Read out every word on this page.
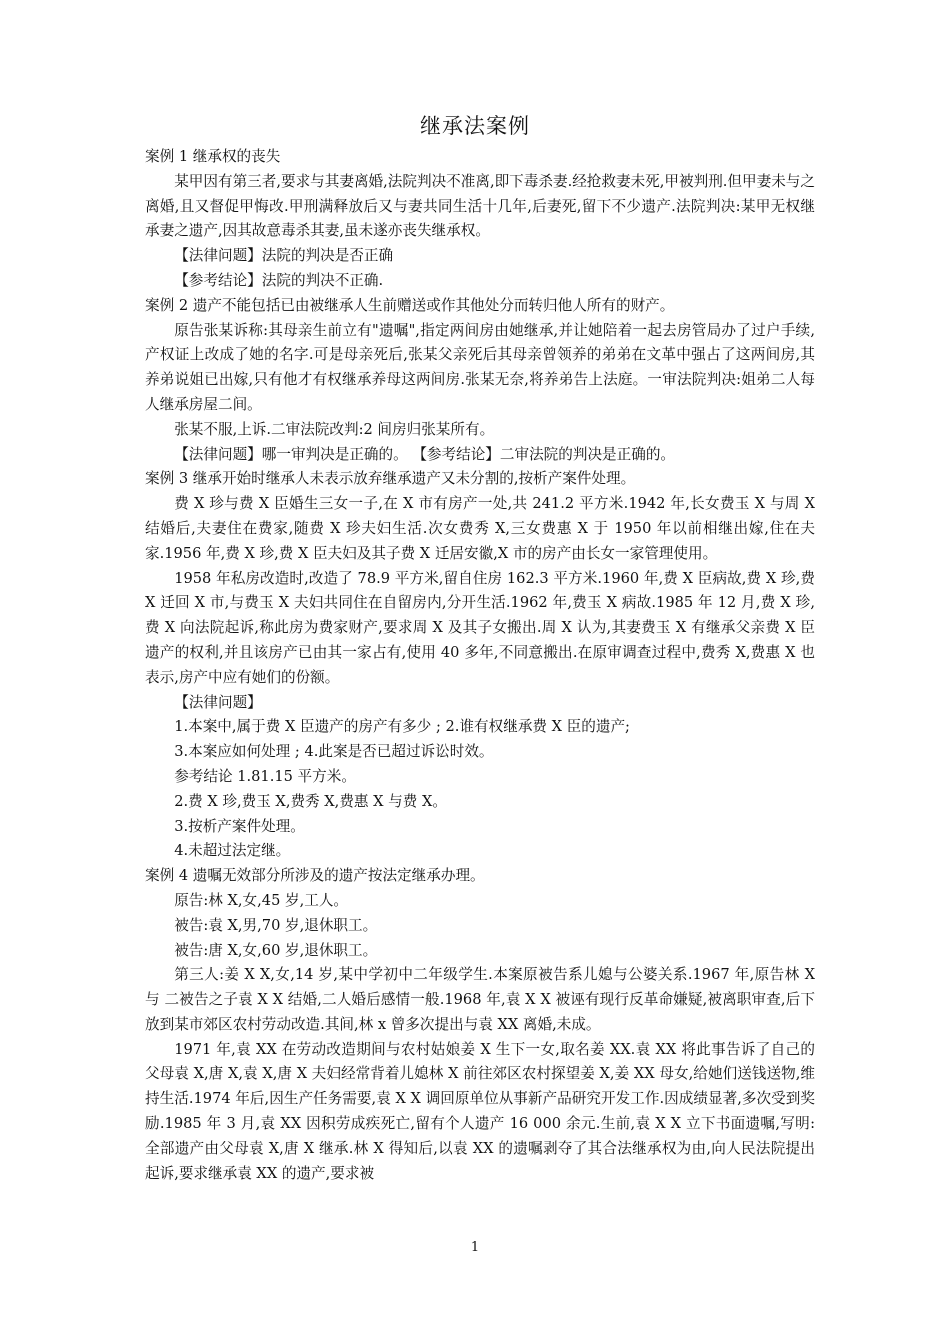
继承法案例

案例 1 继承权的丧失

某甲因有第三者,要求与其妻离婚,法院判决不准离,即下毒杀妻.经抢救妻未死,甲被判刑.但甲妻未与之离婚,且又督促甲悔改.甲刑满释放后又与妻共同生活十几年,后妻死,留下不少遗产.法院判决:某甲无权继承妻之遗产,因其故意毒杀其妻,虽未遂亦丧失继承权。

【法律问题】法院的判决是否正确

【参考结论】法院的判决不正确.

案例 2 遗产不能包括已由被继承人生前赠送或作其他处分而转归他人所有的财产。

原告张某诉称:其母亲生前立有"遗嘱",指定两间房由她继承,并让她陪着一起去房管局办了过户手续,产权证上改成了她的名字.可是母亲死后,张某父亲死后其母亲曾领养的弟弟在文革中强占了这两间房,其养弟说姐已出嫁,只有他才有权继承养母这两间房.张某无奈,将养弟告上法庭。一审法院判决:姐弟二人每人继承房屋二间。

张某不服,上诉.二审法院改判:2 间房归张某所有。

【法律问题】哪一审判决是正确的。 【参考结论】二审法院的判决是正确的。

案例 3 继承开始时继承人未表示放弃继承遗产又未分割的,按析产案件处理。

费 X 珍与费 X 臣婚生三女一子,在 X 市有房产一处,共 241.2 平方米.1942 年,长女费玉 X 与周 X 结婚后,夫妻住在费家,随费 X 珍夫妇生活.次女费秀 X,三女费惠 X 于 1950 年以前相继出嫁,住在夫家.1956 年,费 X 珍,费 X 臣夫妇及其子费 X 迁居安徽,X 市的房产由长女一家管理使用。

1958 年私房改造时,改造了 78.9 平方米,留自住房 162.3 平方米.1960 年,费 X 臣病故,费 X 珍,费 X 迁回 X 市,与费玉 X 夫妇共同住在自留房内,分开生活.1962 年,费玉 X 病故.1985 年 12 月,费 X 珍,费 X 向法院起诉,称此房为费家财产,要求周 X 及其子女搬出.周 X 认为,其妻费玉 X 有继承父亲费 X 臣遗产的权利,并且该房产已由其一家占有,使用 40 多年,不同意搬出.在原审调查过程中,费秀 X,费惠 X 也表示,房产中应有她们的份额。

【法律问题】

1.本案中,属于费 X 臣遗产的房产有多少 ; 2.谁有权继承费 X 臣的遗产;

3.本案应如何处理 ; 4.此案是否已超过诉讼时效。

参考结论 1.81.15 平方米。

2.费 X 珍,费玉 X,费秀 X,费惠 X 与费 X。

3.按析产案件处理。

4.未超过法定继。

案例 4 遗嘱无效部分所涉及的遗产按法定继承办理。

原告:林 X,女,45 岁,工人。

被告:袁 X,男,70 岁,退休职工。

被告:唐 X,女,60 岁,退休职工。

第三人:姜 X X,女,14 岁,某中学初中二年级学生.本案原被告系儿媳与公婆关系.1967 年,原告林 X 与 二被告之子袁 X X 结婚,二人婚后感情一般.1968 年,袁 X X 被诬有现行反革命嫌疑,被离职审查,后下放到某市郊区农村劳动改造.其间,林 x 曾多次提出与袁 XX 离婚,未成。

1971 年,袁 XX 在劳动改造期间与农村姑娘姜 X 生下一女,取名姜 XX.袁 XX 将此事告诉了自己的父母袁 X,唐 X,袁 X,唐 X 夫妇经常背着儿媳林 X 前往郊区农村探望姜 X,姜 XX 母女,给她们送钱送物,维持生活.1974 年后,因生产任务需要,袁 X X 调回原单位从事新产品研究开发工作.因成绩显著,多次受到奖励.1985 年 3 月,袁 XX 因积劳成疾死亡,留有个人遗产 16 000 余元.生前,袁 X X 立下书面遗嘱,写明:全部遗产由父母袁 X,唐 X 继承.林 X 得知后,以袁 XX 的遗嘱剥夺了其合法继承权为由,向人民法院提出起诉,要求继承袁 XX 的遗产,要求被

1
